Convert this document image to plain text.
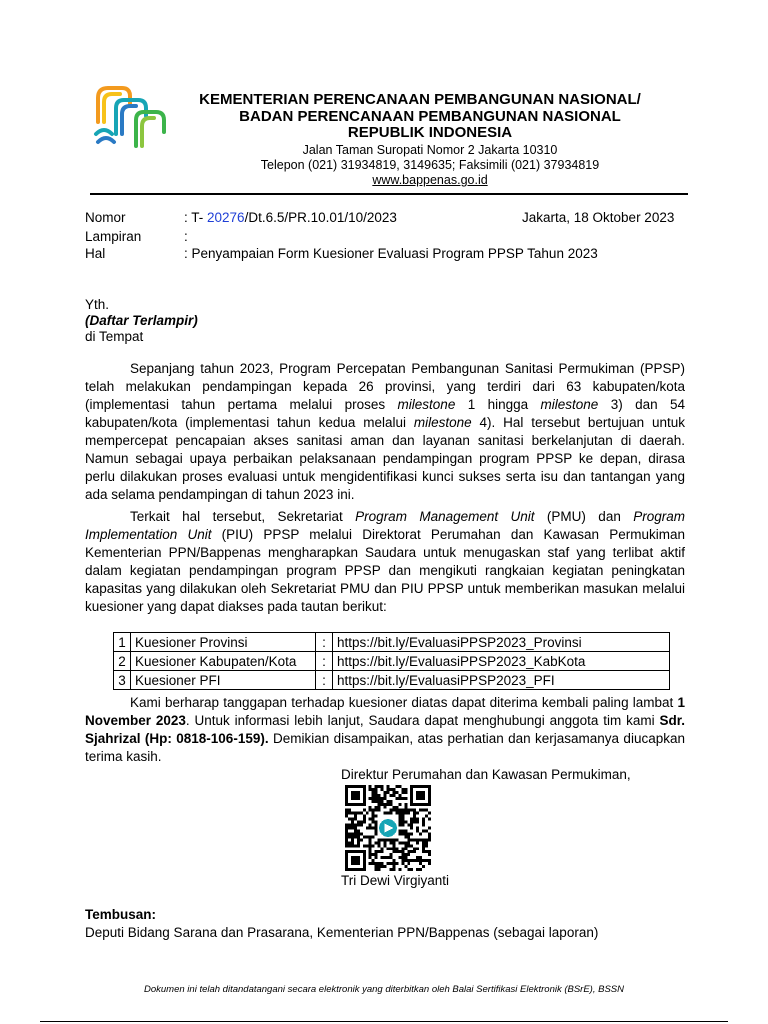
KEMENTERIAN PERENCANAAN PEMBANGUNAN NASIONAL/
BADAN PERENCANAAN PEMBANGUNAN NASIONAL
REPUBLIK INDONESIA
Jalan Taman Suropati Nomor 2 Jakarta 10310
Telepon (021) 31934819, 3149635; Faksimili (021) 37934819
www.bappenas.go.id
Nomor	: T- 20276/Dt.6.5/PR.10.01/10/2023	Jakarta, 18 Oktober 2023
Lampiran	:
Hal	: Penyampaian Form Kuesioner Evaluasi Program PPSP Tahun 2023
Yth.
(Daftar Terlampir)
di Tempat
Sepanjang tahun 2023, Program Percepatan Pembangunan Sanitasi Permukiman (PPSP) telah melakukan pendampingan kepada 26 provinsi, yang terdiri dari 63 kabupaten/kota (implementasi tahun pertama melalui proses milestone 1 hingga milestone 3) dan 54 kabupaten/kota (implementasi tahun kedua melalui milestone 4). Hal tersebut bertujuan untuk mempercepat pencapaian akses sanitasi aman dan layanan sanitasi berkelanjutan di daerah. Namun sebagai upaya perbaikan pelaksanaan pendampingan program PPSP ke depan, dirasa perlu dilakukan proses evaluasi untuk mengidentifikasi kunci sukses serta isu dan tantangan yang ada selama pendampingan di tahun 2023 ini.
Terkait hal tersebut, Sekretariat Program Management Unit (PMU) dan Program Implementation Unit (PIU) PPSP melalui Direktorat Perumahan dan Kawasan Permukiman Kementerian PPN/Bappenas mengharapkan Saudara untuk menugaskan staf yang terlibat aktif dalam kegiatan pendampingan program PPSP dan mengikuti rangkaian kegiatan peningkatan kapasitas yang dilakukan oleh Sekretariat PMU dan PIU PPSP untuk memberikan masukan melalui kuesioner yang dapat diakses pada tautan berikut:
1	Kuesioner Provinsi	:	https://bit.ly/EvaluasiPPSP2023_Provinsi
2	Kuesioner Kabupaten/Kota	:	https://bit.ly/EvaluasiPPSP2023_KabKota
3	Kuesioner PFI	:	https://bit.ly/EvaluasiPPSP2023_PFI
Kami berharap tanggapan terhadap kuesioner diatas dapat diterima kembali paling lambat 1 November 2023. Untuk informasi lebih lanjut, Saudara dapat menghubungi anggota tim kami Sdr. Sjahrizal (Hp: 0818-106-159). Demikian disampaikan, atas perhatian dan kerjasamanya diucapkan terima kasih.
Direktur Perumahan dan Kawasan Permukiman,
Tri Dewi Virgiyanti
Tembusan:
Deputi Bidang Sarana dan Prasarana, Kementerian PPN/Bappenas (sebagai laporan)
Dokumen ini telah ditandatangani secara elektronik yang diterbitkan oleh Balai Sertifikasi Elektronik (BSrE), BSSN
